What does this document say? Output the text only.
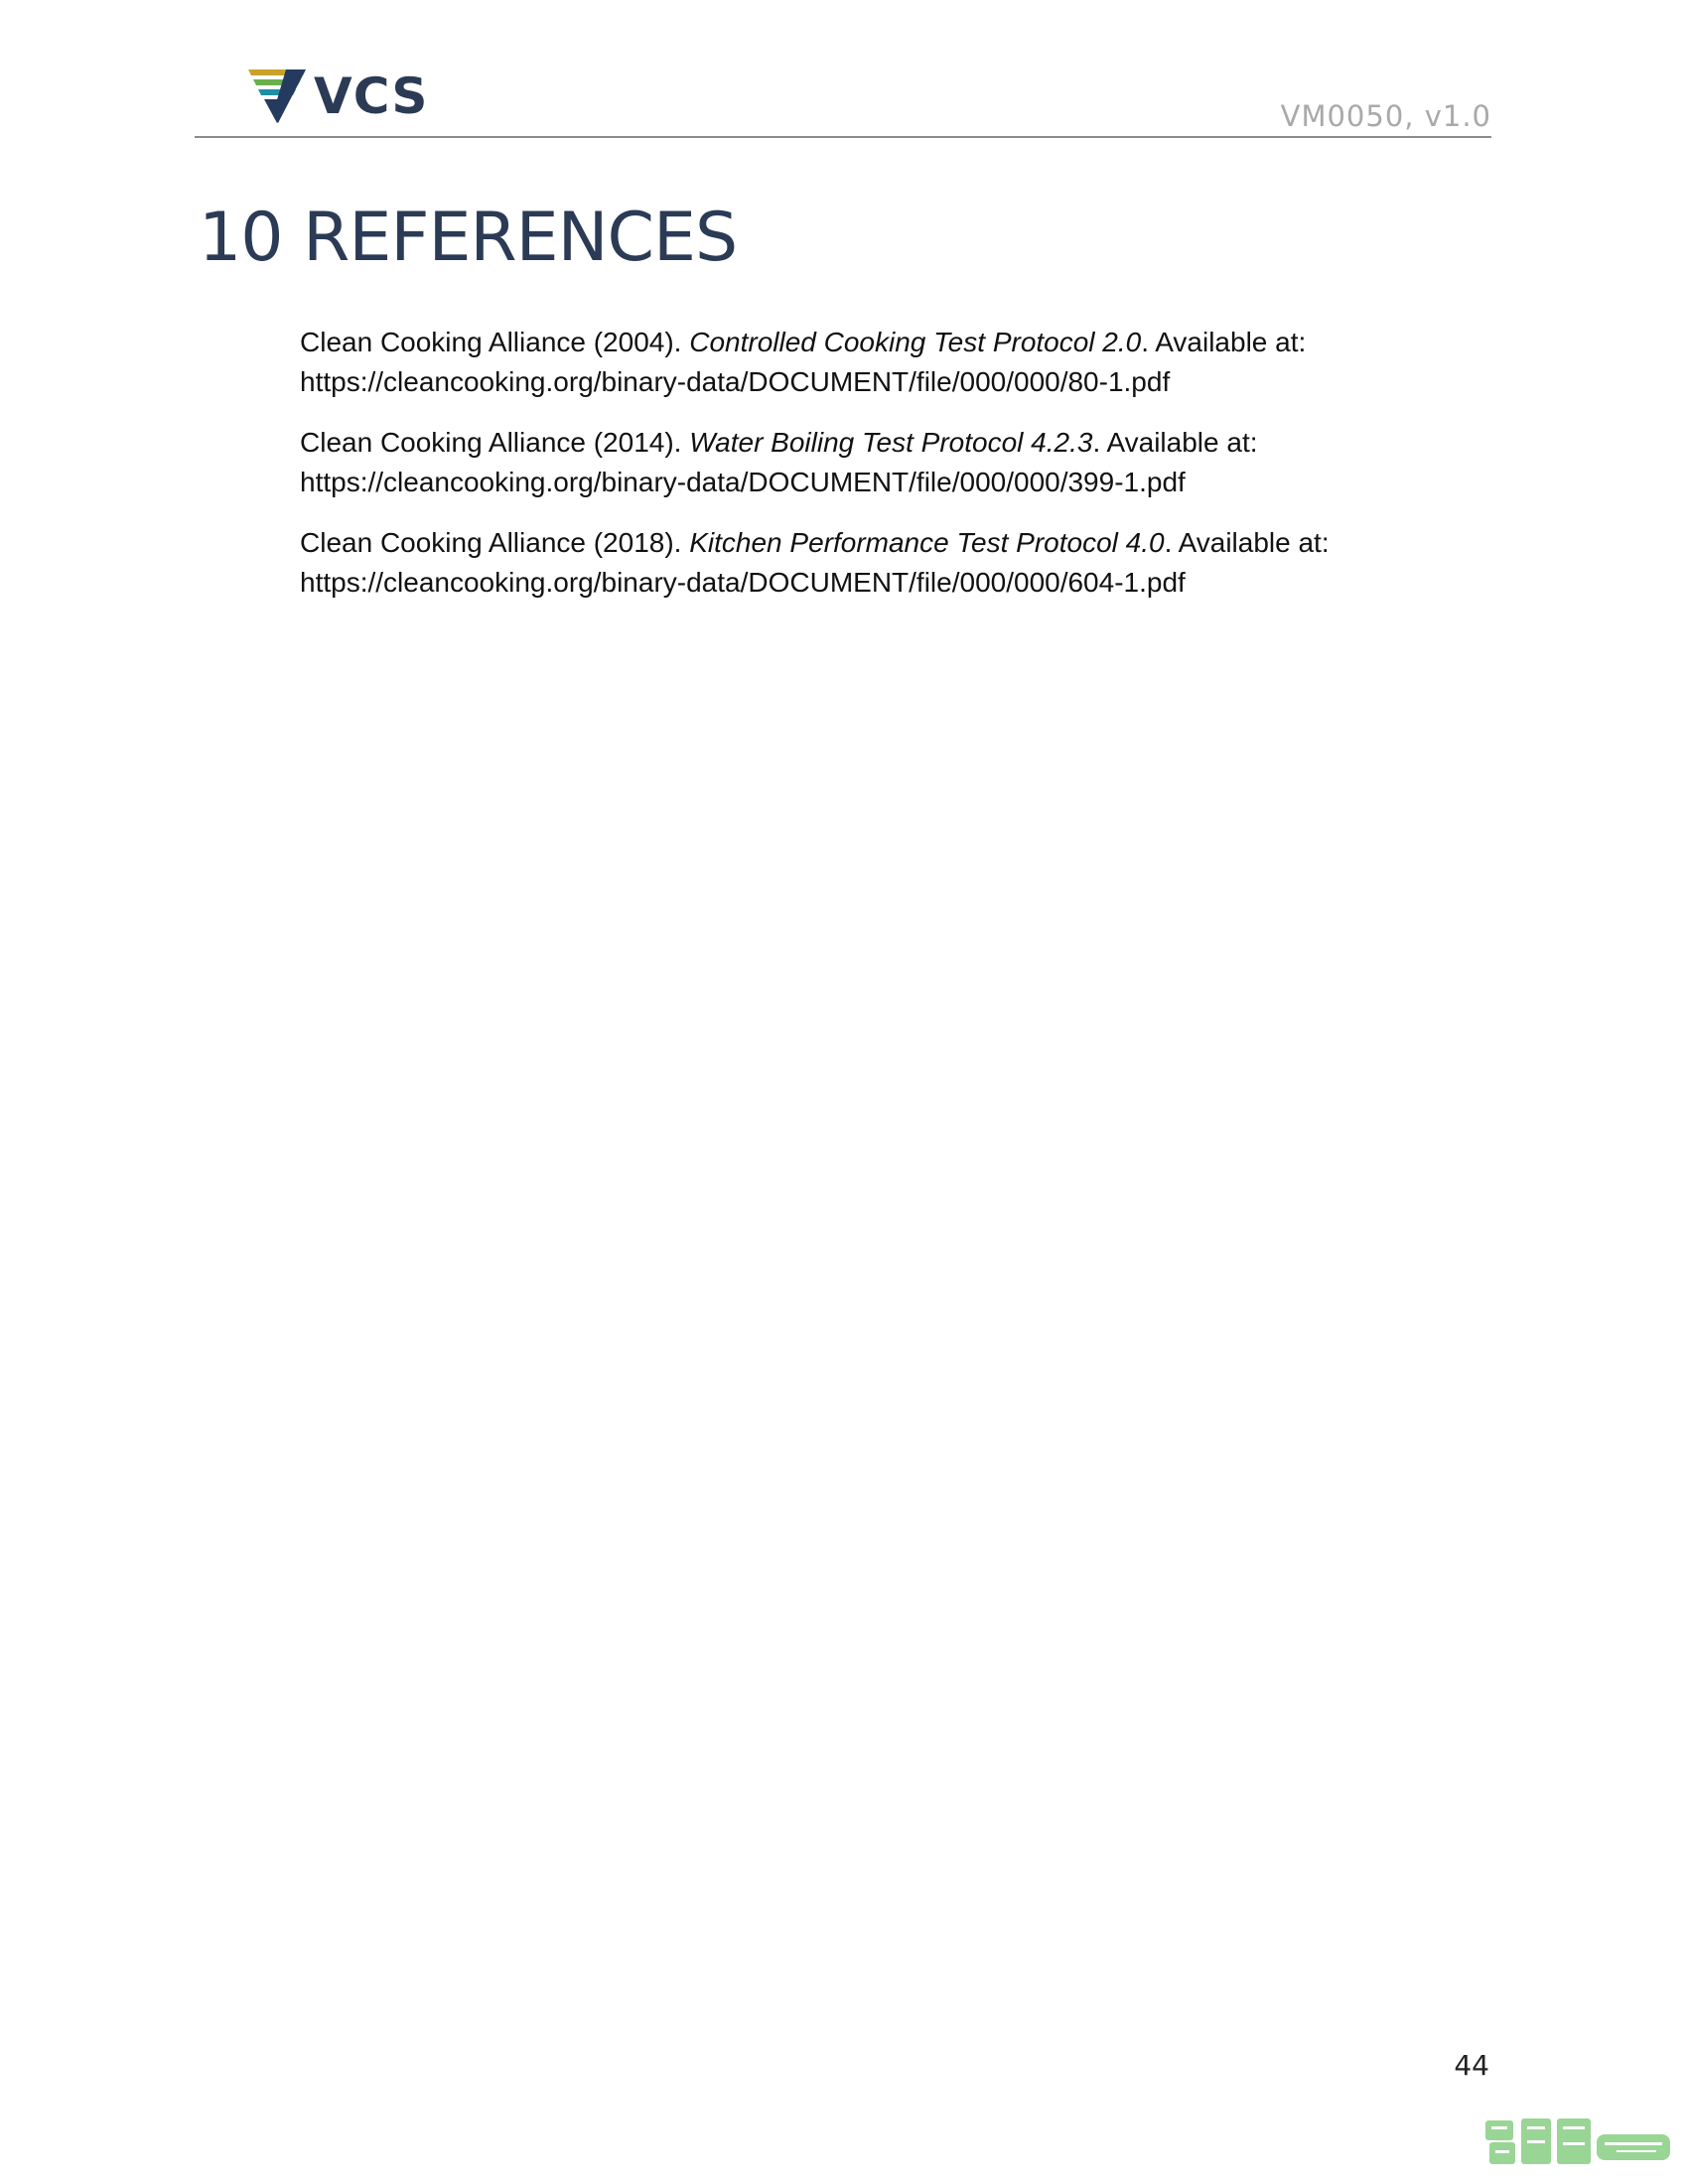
VCS	VM0050, v1.0
10 REFERENCES

Clean Cooking Alliance (2004). Controlled Cooking Test Protocol 2.0. Available at:
https://cleancooking.org/binary-data/DOCUMENT/file/000/000/80-1.pdf

Clean Cooking Alliance (2014). Water Boiling Test Protocol 4.2.3. Available at:
https://cleancooking.org/binary-data/DOCUMENT/file/000/000/399-1.pdf

Clean Cooking Alliance (2018). Kitchen Performance Test Protocol 4.0. Available at:
https://cleancooking.org/binary-data/DOCUMENT/file/000/000/604-1.pdf

44
